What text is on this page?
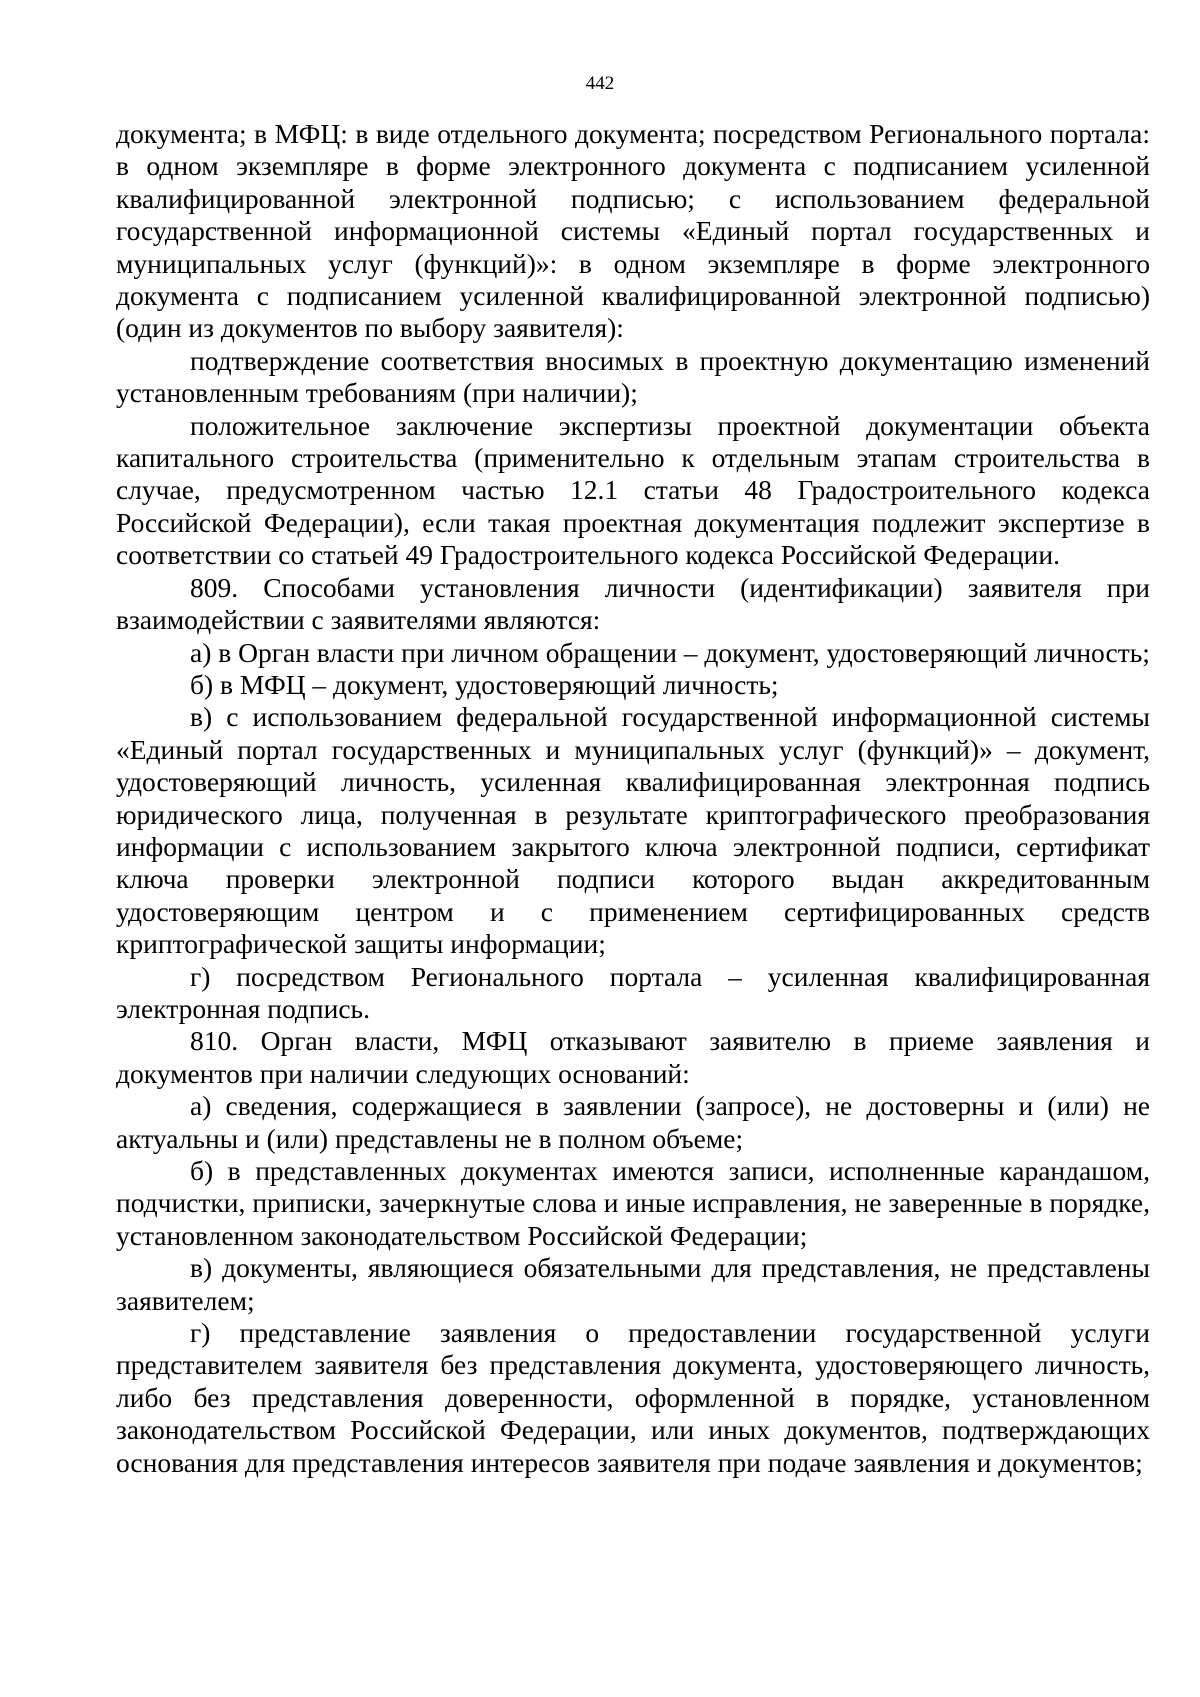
442

документа; в МФЦ: в виде отдельного документа; посредством Регионального портала: в одном экземпляре в форме электронного документа с подписанием усиленной квалифицированной электронной подписью; с использованием федеральной государственной информационной системы «Единый портал государственных и муниципальных услуг (функций)»: в одном экземпляре в форме электронного документа с подписанием усиленной квалифицированной электронной подписью) (один из документов по выбору заявителя):

подтверждение соответствия вносимых в проектную документацию изменений установленным требованиям (при наличии);

положительное заключение экспертизы проектной документации объекта капитального строительства (применительно к отдельным этапам строительства в случае, предусмотренном частью 12.1 статьи 48 Градостроительного кодекса Российской Федерации), если такая проектная документация подлежит экспертизе в соответствии со статьей 49 Градостроительного кодекса Российской Федерации.

809. Способами установления личности (идентификации) заявителя при взаимодействии с заявителями являются:

а) в Орган власти при личном обращении – документ, удостоверяющий личность;

б) в МФЦ – документ, удостоверяющий личность;

в) с использованием федеральной государственной информационной системы «Единый портал государственных и муниципальных услуг (функций)» – документ, удостоверяющий личность, усиленная квалифицированная электронная подпись юридического лица, полученная в результате криптографического преобразования информации с использованием закрытого ключа электронной подписи, сертификат ключа проверки электронной подписи которого выдан аккредитованным удостоверяющим центром и с применением сертифицированных средств криптографической защиты информации;

г) посредством Регионального портала – усиленная квалифицированная электронная подпись.

810. Орган власти, МФЦ отказывают заявителю в приеме заявления и документов при наличии следующих оснований:

а) сведения, содержащиеся в заявлении (запросе), не достоверны и (или) не актуальны и (или) представлены не в полном объеме;

б) в представленных документах имеются записи, исполненные карандашом, подчистки, приписки, зачеркнутые слова и иные исправления, не заверенные в порядке, установленном законодательством Российской Федерации;

в) документы, являющиеся обязательными для представления, не представлены заявителем;

г) представление заявления о предоставлении государственной услуги представителем заявителя без представления документа, удостоверяющего личность, либо без представления доверенности, оформленной в порядке, установленном законодательством Российской Федерации, или иных документов, подтверждающих основания для представления интересов заявителя при подаче заявления и документов;
